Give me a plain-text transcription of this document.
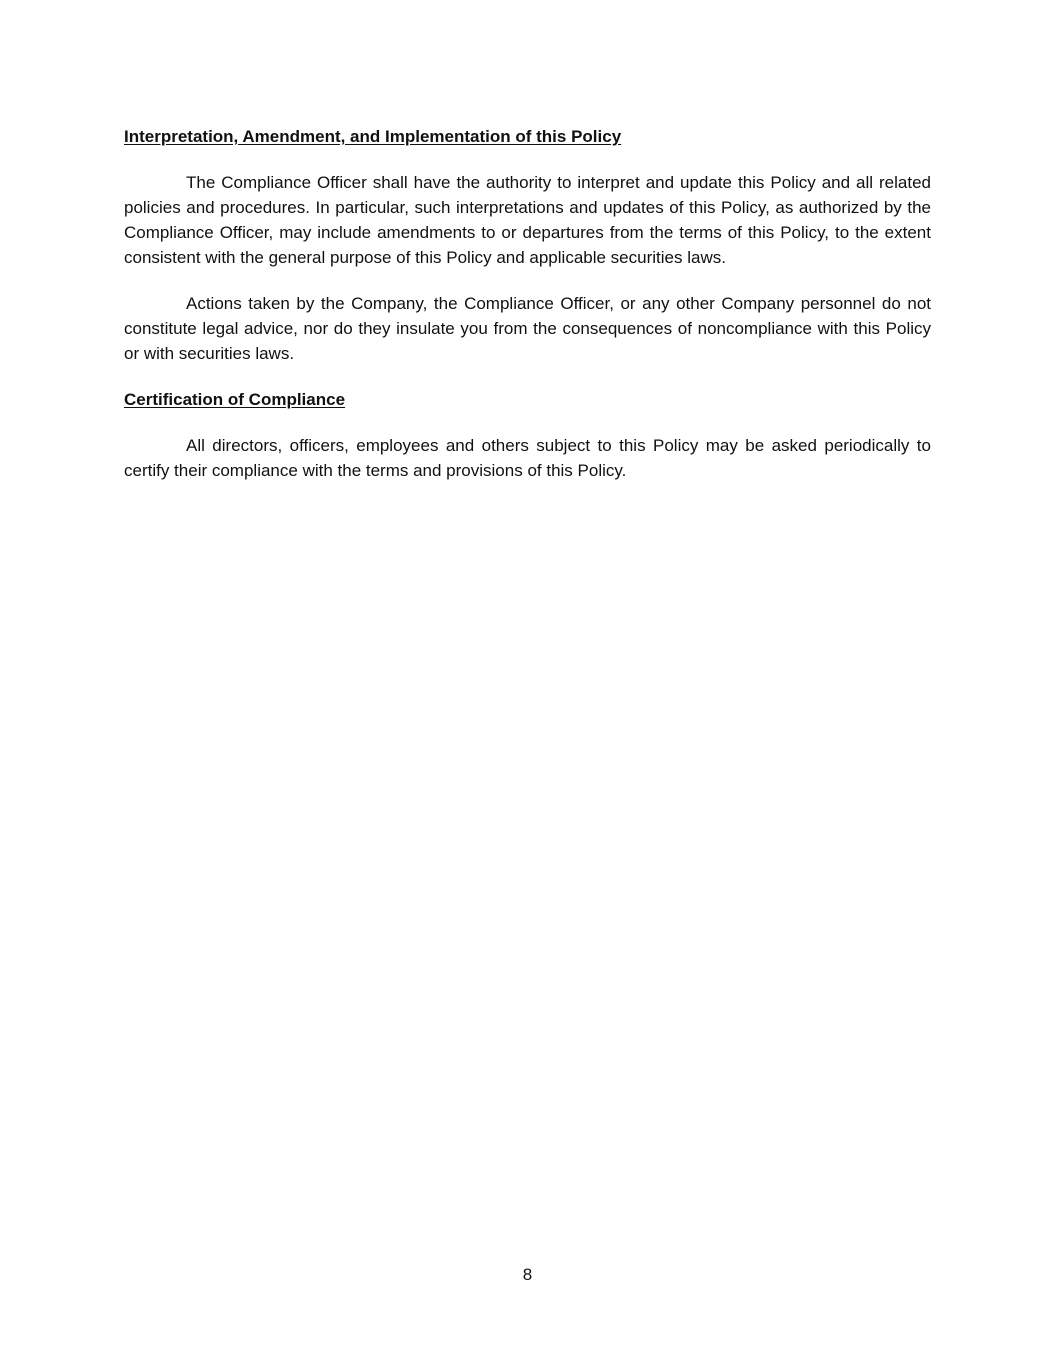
Interpretation, Amendment, and Implementation of this Policy

The Compliance Officer shall have the authority to interpret and update this Policy and all related policies and procedures. In particular, such interpretations and updates of this Policy, as authorized by the Compliance Officer, may include amendments to or departures from the terms of this Policy, to the extent consistent with the general purpose of this Policy and applicable securities laws.

Actions taken by the Company, the Compliance Officer, or any other Company personnel do not constitute legal advice, nor do they insulate you from the consequences of noncompliance with this Policy or with securities laws.

Certification of Compliance

All directors, officers, employees and others subject to this Policy may be asked periodically to certify their compliance with the terms and provisions of this Policy.

8
